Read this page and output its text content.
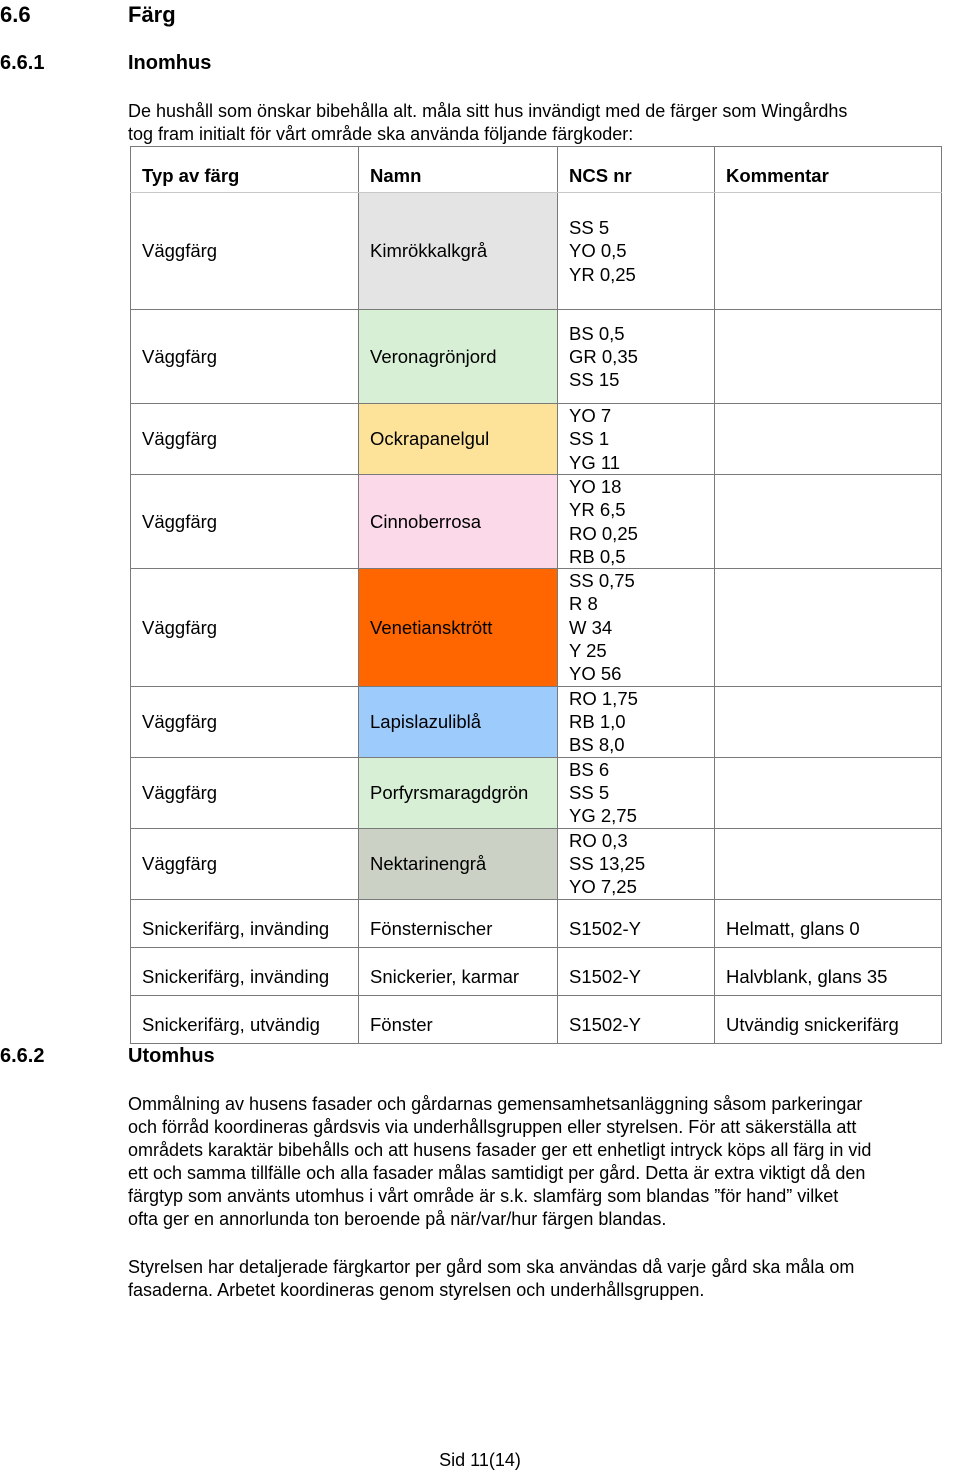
6.6	Färg
6.6.1	Inomhus
De hushåll som önskar bibehålla alt. måla sitt hus invändigt med de färger som Wingårdhs
tog fram initialt för vårt område ska använda följande färgkoder:
Typ av färg	Namn	NCS nr	Kommentar
Väggfärg	Kimrökkalkgrå	SS 5
YO 0,5
YR 0,25	

Väggfärg	Veronagrönjord	BS 0,5
GR 0,35
SS 15	

Väggfärg	Ockrapanelgul	YO 7
SS 1
YG 11	

Väggfärg	Cinnoberrosa	YO 18
YR 6,5
RO 0,25
RB 0,5	

Väggfärg	Venetiansktrött	SS 0,75
R 8
W 34
Y 25
YO 56	

Väggfärg	Lapislazuliblå	RO 1,75
RB 1,0
BS 8,0	

Väggfärg	Porfyrsmaragdgrön	BS 6
SS 5
YG 2,75	

Väggfärg	Nektarinengrå	RO 0,3
SS 13,25
YO 7,25	

Snickerifärg, invänding	Fönsternischer	S1502-Y	Helmatt, glans 0
Snickerifärg, invänding	Snickerier, karmar	S1502-Y	Halvblank, glans 35
Snickerifärg, utvändig	Fönster	S1502-Y	Utvändig snickerifärg
6.6.2	Utomhus
Ommålning av husens fasader och gårdarnas gemensamhetsanläggning såsom parkeringar
och förråd koordineras gårdsvis via underhållsgruppen eller styrelsen. För att säkerställa att
områdets karaktär bibehålls och att husens fasader ger ett enhetligt intryck köps all färg in vid
ett och samma tillfälle och alla fasader målas samtidigt per gård. Detta är extra viktigt då den
färgtyp som använts utomhus i vårt område är s.k. slamfärg som blandas ”för hand” vilket
ofta ger en annorlunda ton beroende på när/var/hur färgen blandas.
Styrelsen har detaljerade färgkartor per gård som ska användas då varje gård ska måla om
fasaderna. Arbetet koordineras genom styrelsen och underhållsgruppen.
Sid 11(14)
